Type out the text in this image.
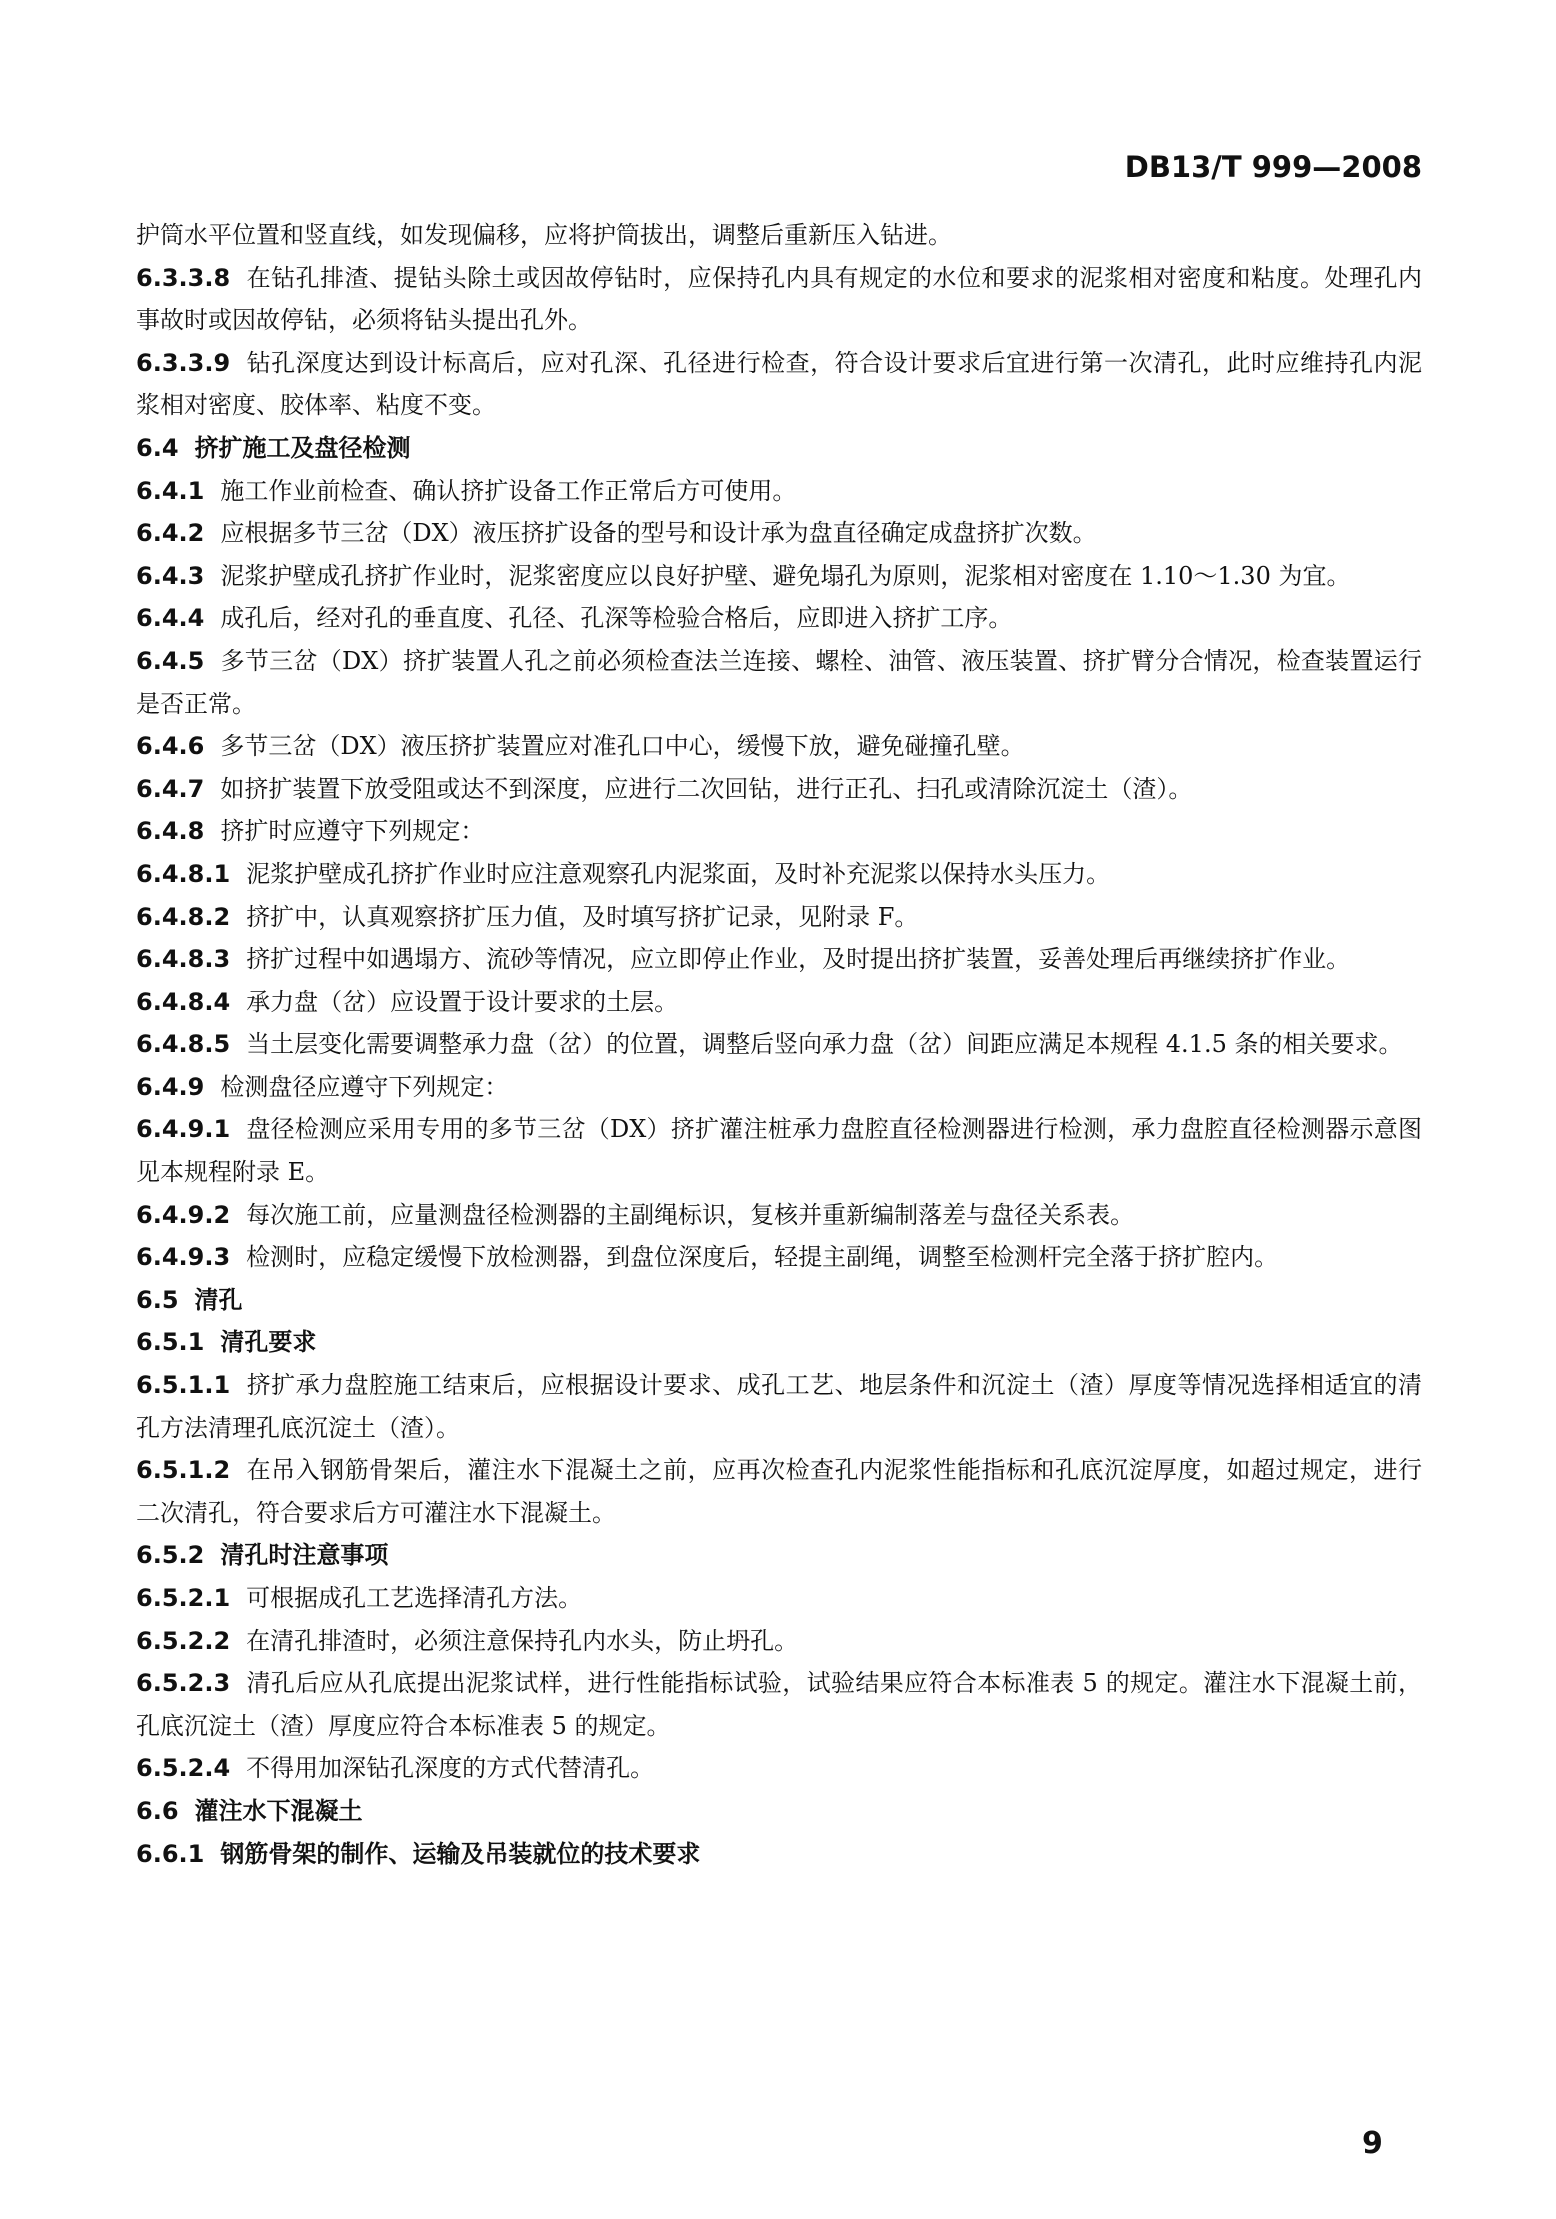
DB13/T 999—2008
护筒水平位置和竖直线，如发现偏移，应将护筒拔出，调整后重新压入钻进。
6.3.3.8 在钻孔排渣、提钻头除土或因故停钻时，应保持孔内具有规定的水位和要求的泥浆相对密度和粘度。处理孔内事故时或因故停钻，必须将钻头提出孔外。
6.3.3.9 钻孔深度达到设计标高后，应对孔深、孔径进行检查，符合设计要求后宜进行第一次清孔，此时应维持孔内泥浆相对密度、胶体率、粘度不变。
6.4 挤扩施工及盘径检测
6.4.1 施工作业前检查、确认挤扩设备工作正常后方可使用。
6.4.2 应根据多节三岔（DX）液压挤扩设备的型号和设计承为盘直径确定成盘挤扩次数。
6.4.3 泥浆护壁成孔挤扩作业时，泥浆密度应以良好护壁、避免塌孔为原则，泥浆相对密度在 1.10～1.30 为宜。
6.4.4 成孔后，经对孔的垂直度、孔径、孔深等检验合格后，应即进入挤扩工序。
6.4.5 多节三岔（DX）挤扩装置人孔之前必须检查法兰连接、螺栓、油管、液压装置、挤扩臂分合情况，检查装置运行是否正常。
6.4.6 多节三岔（DX）液压挤扩装置应对准孔口中心，缓慢下放，避免碰撞孔壁。
6.4.7 如挤扩装置下放受阻或达不到深度，应进行二次回钻，进行正孔、扫孔或清除沉淀土（渣）。
6.4.8 挤扩时应遵守下列规定：
6.4.8.1 泥浆护壁成孔挤扩作业时应注意观察孔内泥浆面，及时补充泥浆以保持水头压力。
6.4.8.2 挤扩中，认真观察挤扩压力值，及时填写挤扩记录，见附录 F。
6.4.8.3 挤扩过程中如遇塌方、流砂等情况，应立即停止作业，及时提出挤扩装置，妥善处理后再继续挤扩作业。
6.4.8.4 承力盘（岔）应设置于设计要求的土层。
6.4.8.5 当土层变化需要调整承力盘（岔）的位置，调整后竖向承力盘（岔）间距应满足本规程 4.1.5 条的相关要求。
6.4.9 检测盘径应遵守下列规定：
6.4.9.1 盘径检测应采用专用的多节三岔（DX）挤扩灌注桩承力盘腔直径检测器进行检测，承力盘腔直径检测器示意图见本规程附录 E。
6.4.9.2 每次施工前，应量测盘径检测器的主副绳标识，复核并重新编制落差与盘径关系表。
6.4.9.3 检测时，应稳定缓慢下放检测器，到盘位深度后，轻提主副绳，调整至检测杆完全落于挤扩腔内。
6.5 清孔
6.5.1 清孔要求
6.5.1.1 挤扩承力盘腔施工结束后，应根据设计要求、成孔工艺、地层条件和沉淀土（渣）厚度等情况选择相适宜的清孔方法清理孔底沉淀土（渣）。
6.5.1.2 在吊入钢筋骨架后，灌注水下混凝土之前，应再次检查孔内泥浆性能指标和孔底沉淀厚度，如超过规定，进行二次清孔，符合要求后方可灌注水下混凝土。
6.5.2 清孔时注意事项
6.5.2.1 可根据成孔工艺选择清孔方法。
6.5.2.2 在清孔排渣时，必须注意保持孔内水头，防止坍孔。
6.5.2.3 清孔后应从孔底提出泥浆试样，进行性能指标试验，试验结果应符合本标准表 5 的规定。灌注水下混凝土前，孔底沉淀土（渣）厚度应符合本标准表 5 的规定。
6.5.2.4 不得用加深钻孔深度的方式代替清孔。
6.6 灌注水下混凝土
6.6.1 钢筋骨架的制作、运输及吊装就位的技术要求
9
